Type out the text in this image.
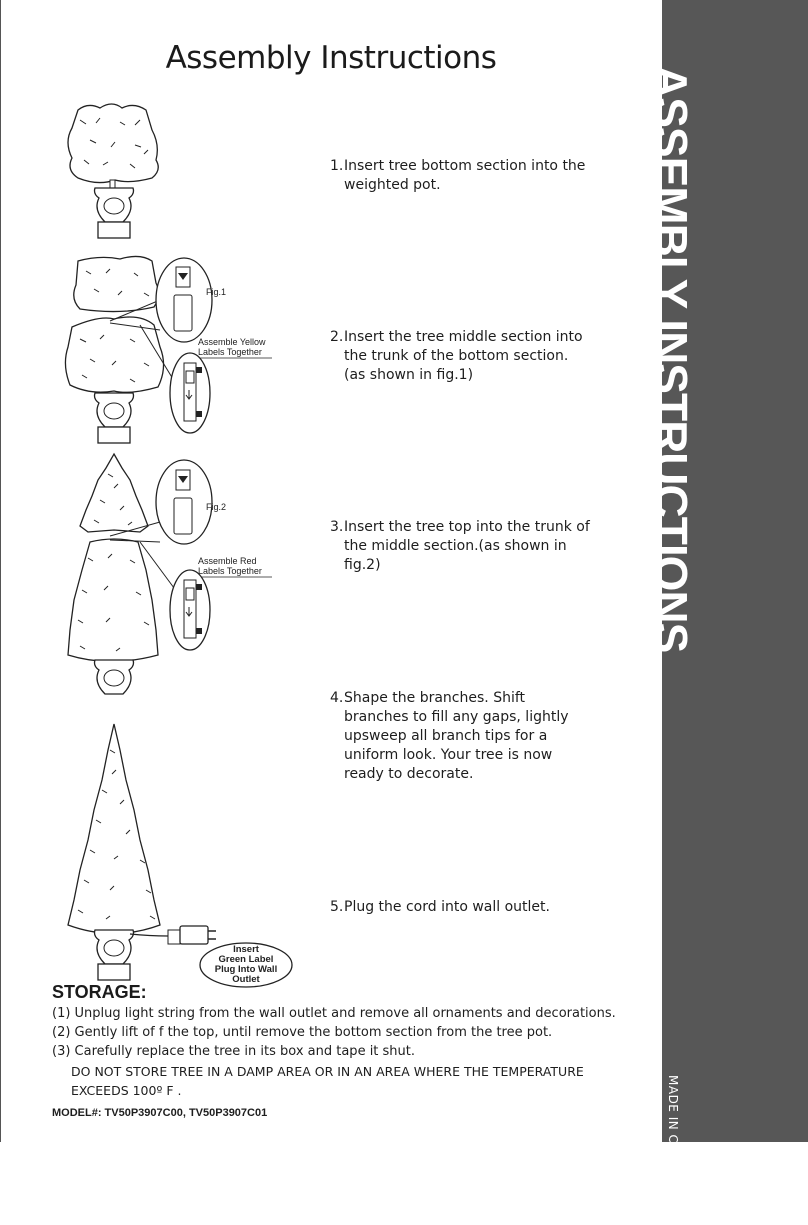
ASSEMBLY INSTRUCTIONS
MADE IN CHINA
Assembly Instructions
Fig.1
Assemble Yellow
Labels Together
Fig.2
Assemble Red
Labels Together
Insert
Green Label
Plug Into Wall
Outlet
1. Insert tree bottom section into the weighted pot.
2. Insert the tree middle section into the trunk of the bottom section. (as shown in fig.1)
3. Insert the tree top into the trunk of the middle section.(as shown in fig.2)
4. Shape the branches. Shift branches to fill any gaps, lightly upsweep all branch tips for a uniform look. Your tree is now ready to decorate.
5. Plug the cord into wall outlet.
STORAGE:
(1) Unplug light string from the wall outlet and remove all ornaments and decorations.
(2) Gently lift of f the top, until remove the bottom section from the tree pot.
(3) Carefully replace the tree in its box and tape it shut.
DO NOT STORE TREE IN A DAMP AREA OR IN AN AREA WHERE THE TEMPERATURE EXCEEDS 100º F .
MODEL#: TV50P3907C00, TV50P3907C01
